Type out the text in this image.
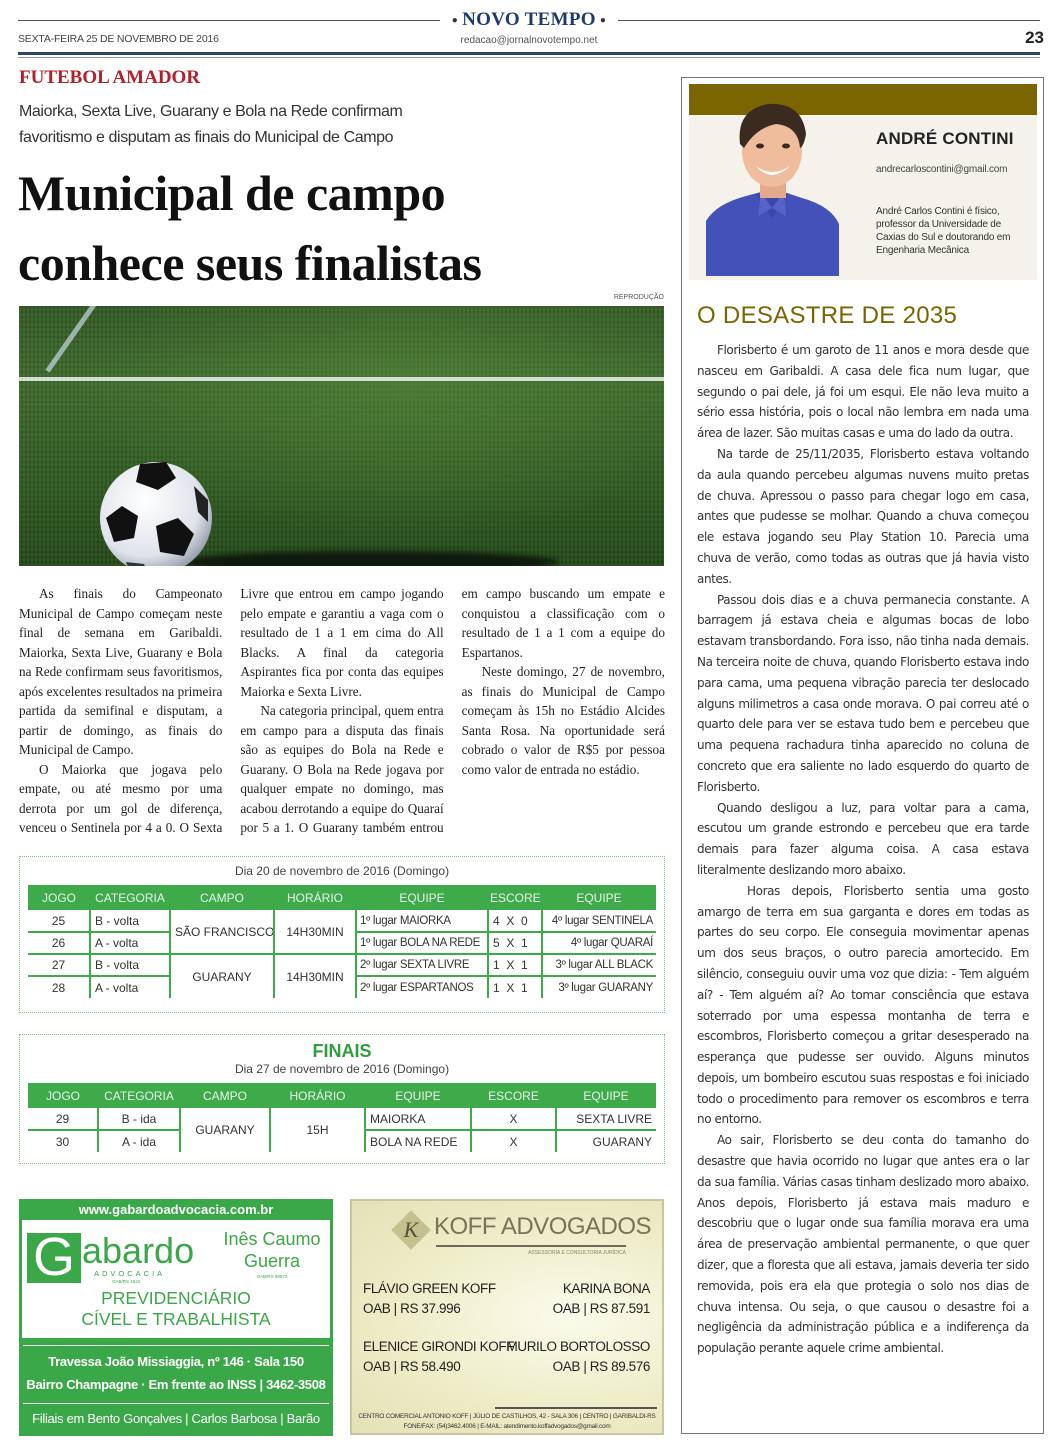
● NOVO TEMPO ●
SEXTA-FEIRA 25 DE NOVEMBRO DE 2016	redacao@jornalnovotempo.net	23
FUTEBOL AMADOR
Maiorka, Sexta Live, Guarany e Bola na Rede confirmam favoritismo e disputam as finais do Municipal de Campo
Municipal de campo
conhece seus finalistas
REPRODUÇÃO

As finais do Campeonato Municipal de Campo começam neste final de semana em Garibaldi. Maiorka, Sexta Live, Guarany e Bola na Rede confirmam seus favoritismos, após excelentes resultados na primeira partida da semifinal e disputam, a partir de domingo, as finais do Municipal de Campo.

O Maiorka que jogava pelo empate, ou até mesmo por uma derrota por um gol de diferença, venceu o Sentinela por 4 a 0. O Sexta Livre que entrou em campo jogando pelo empate e garantiu a vaga com o resultado de 1 a 1 em cima do All Blacks. A final da categoria Aspirantes fica por conta das equipes Maiorka e Sexta Livre.

Na categoria principal, quem entra em campo para a disputa das finais são as equipes do Bola na Rede e Guarany. O Bola na Rede jogava por qualquer empate no domingo, mas acabou derrotando a equipe do Quaraí por 5 a 1. O Guarany também entrou em campo buscando um empate e conquistou a classificação com o resultado de 1 a 1 com a equipe do Espartanos.

Neste domingo, 27 de novembro, as finais do Municipal de Campo começam às 15h no Estádio Alcides Santa Rosa. Na oportunidade será cobrado o valor de R$5 por pessoa como valor de entrada no estádio.

Dia 20 de novembro de 2016 (Domingo)
JOGO	CATEGORIA	CAMPO	HORÁRIO	EQUIPE	ESCORE	EQUIPE
25	B - volta	SÃO FRANCISCO	14H30MIN	1º lugar MAIORKA	4  X  0	4º lugar SENTINELA
26	A - volta			1º lugar BOLA NA REDE	5  X  1	4º lugar QUARAÍ
27	B - volta	GUARANY	14H30MIN	2º lugar SEXTA LIVRE	1  X  1	3º lugar ALL BLACK
28	A - volta			2º lugar ESPARTANOS	1  X  1	3º lugar GUARANY
FINAIS
Dia 27 de novembro de 2016 (Domingo)
JOGO	CATEGORIA	CAMPO	HORÁRIO	EQUIPE	ESCORE	EQUIPE
29	B - ida	GUARANY	15H	MAIORKA	X	SEXTA LIVRE
30	A - ida			BOLA NA REDE	X	GUARANY
www.gabardoadvocacia.com.br
G abardo
ADVOCACIA
OAB/RS 1622
Inês Caumo
Guerra
OAB/RS 58973
PREVIDENCIÁRIO
CÍVEL E TRABALHISTA
Travessa João Missiaggia, nº 146 · Sala 150
Bairro Champagne · Em frente ao INSS | 3462-3508
Filiais em Bento Gonçalves | Carlos Barbosa | Barão
K KOFF ADVOGADOS
ASSESSORIA E CONSULTORIA JURÍDICA
FLÁVIO GREEN KOFF
OAB | RS 37.996
KARINA BONA
OAB | RS 87.591
ELENICE GIRONDI KOFF
OAB | RS 58.490
MURILO BORTOLOSSO
OAB | RS 89.576
CENTRO COMERCIAL ANTONIO KOFF | JÚLIO DE CASTILHOS, 42 - SALA 306 | CENTRO | GARIBALDI-RS
FONE/FAX: (54)3462.4006 | E-MAIL: atendimento.koffadvogados@gmail.com
ANDRÉ CONTINI
andrecarloscontini@gmail.com
André Carlos Contini é físico, professor da Universidade de Caxias do Sul e doutorando em Engenharia Mecânica
O DESASTRE DE 2035

Florisberto é um garoto de 11 anos e mora desde que nasceu em Garibaldi. A casa dele fica num lugar, que segundo o pai dele, já foi um esqui. Ele não leva muito a sério essa história, pois o local não lembra em nada uma área de lazer. São muitas casas e uma do lado da outra.

Na tarde de 25/11/2035, Florisberto estava voltando da aula quando percebeu algumas nuvens muito pretas de chuva. Apressou o passo para chegar logo em casa, antes que pudesse se molhar. Quando a chuva começou ele estava jogando seu Play Station 10. Parecia uma chuva de verão, como todas as outras que já havia visto antes.

Passou dois dias e a chuva permanecia constante. A barragem já estava cheia e algumas bocas de lobo estavam transbordando. Fora isso, não tinha nada demais. Na terceira noite de chuva, quando Florisberto estava indo para cama, uma pequena vibração parecia ter deslocado alguns milimetros a casa onde morava. O pai correu até o quarto dele para ver se estava tudo bem e percebeu que uma pequena rachadura tinha aparecido no coluna de concreto que era saliente no lado esquerdo do quarto de Florisberto.

Quando desligou a luz, para voltar para a cama, escutou um grande estrondo e percebeu que era tarde demais para fazer alguma coisa. A casa estava literalmente deslizando moro abaixo.

Horas depois, Florisberto sentia uma gosto amargo de terra em sua garganta e dores em todas as partes do seu corpo. Ele conseguia movimentar apenas um dos seus braços, o outro parecia amortecido. Em silêncio, conseguiu ouvir uma voz que dizia: - Tem alguém aí? - Tem alguém aí? Ao tomar consciência que estava soterrado por uma espessa montanha de terra e escombros, Florisberto começou a gritar desesperado na esperança que pudesse ser ouvido. Alguns minutos depois, um bombeiro escutou suas respostas e foi iniciado todo o procedimento para remover os escombros e terra no entorno.

Ao sair, Florisberto se deu conta do tamanho do desastre que havia ocorrido no lugar que antes era o lar da sua família. Várias casas tinham deslizado moro abaixo. Anos depois, Florisberto já estava mais maduro e descobriu que o lugar onde sua família morava era uma área de preservação ambiental permanente, o que quer dizer, que a floresta que ali estava, jamais deveria ter sido removida, pois era ela que protegia o solo nos dias de chuva intensa. Ou seja, o que causou o desastre foi a negligência da administração pública e a indiferença da população perante aquele crime ambiental.
